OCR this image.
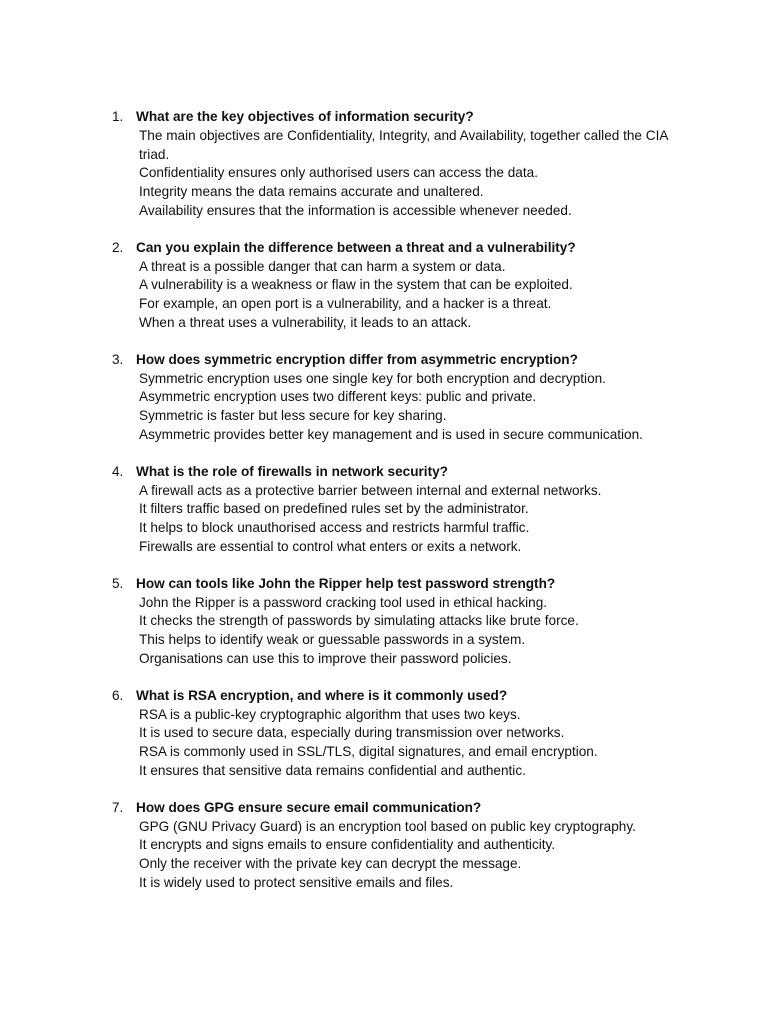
1. What are the key objectives of information security?

The main objectives are Confidentiality, Integrity, and Availability, together called the CIA triad.
Confidentiality ensures only authorised users can access the data.
Integrity means the data remains accurate and unaltered.
Availability ensures that the information is accessible whenever needed.

2. Can you explain the difference between a threat and a vulnerability?

A threat is a possible danger that can harm a system or data.
A vulnerability is a weakness or flaw in the system that can be exploited.
For example, an open port is a vulnerability, and a hacker is a threat.
When a threat uses a vulnerability, it leads to an attack.

3. How does symmetric encryption differ from asymmetric encryption?

Symmetric encryption uses one single key for both encryption and decryption.
Asymmetric encryption uses two different keys: public and private.
Symmetric is faster but less secure for key sharing.
Asymmetric provides better key management and is used in secure communication.

4. What is the role of firewalls in network security?

A firewall acts as a protective barrier between internal and external networks.
It filters traffic based on predefined rules set by the administrator.
It helps to block unauthorised access and restricts harmful traffic.
Firewalls are essential to control what enters or exits a network.

5. How can tools like John the Ripper help test password strength?

John the Ripper is a password cracking tool used in ethical hacking.
It checks the strength of passwords by simulating attacks like brute force.
This helps to identify weak or guessable passwords in a system.
Organisations can use this to improve their password policies.

6. What is RSA encryption, and where is it commonly used?

RSA is a public-key cryptographic algorithm that uses two keys.
It is used to secure data, especially during transmission over networks.
RSA is commonly used in SSL/TLS, digital signatures, and email encryption.
It ensures that sensitive data remains confidential and authentic.

7. How does GPG ensure secure email communication?

GPG (GNU Privacy Guard) is an encryption tool based on public key cryptography.
It encrypts and signs emails to ensure confidentiality and authenticity.
Only the receiver with the private key can decrypt the message.
It is widely used to protect sensitive emails and files.
